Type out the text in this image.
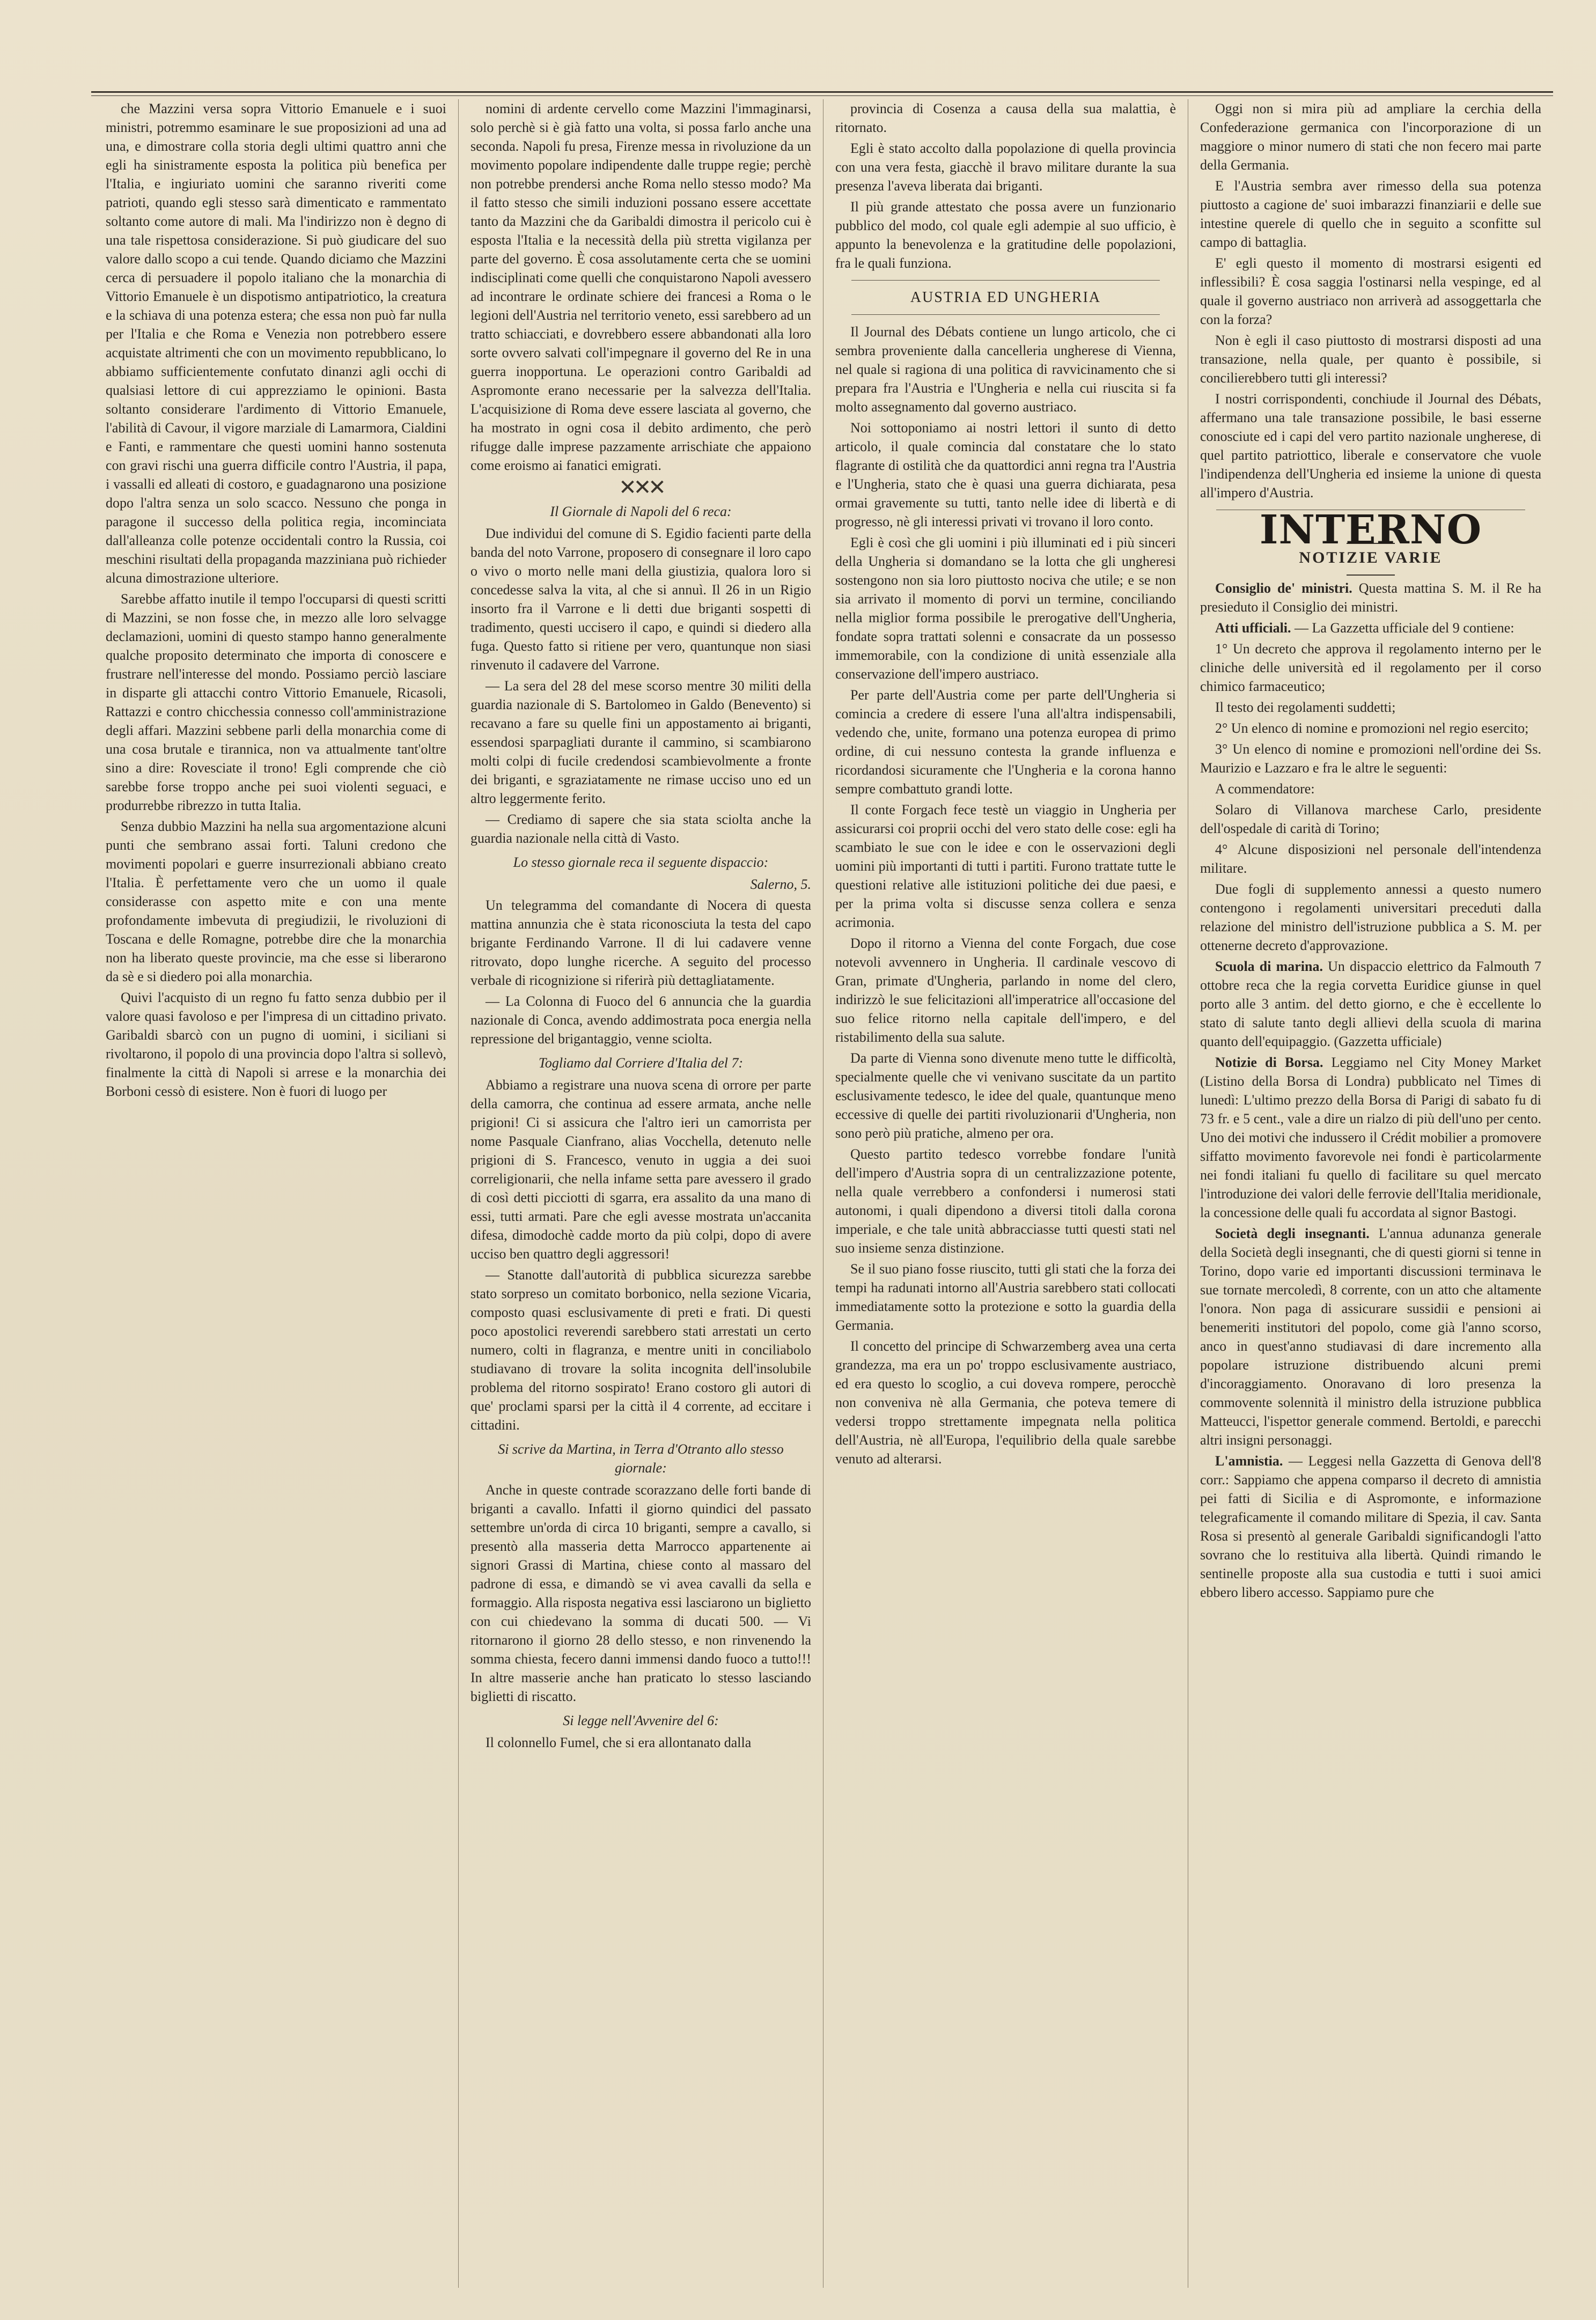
che Mazzini versa sopra Vittorio Emanuele e i suoi ministri, potremmo esaminare le sue proposizioni ad una ad una, e dimostrare colla storia degli ultimi quattro anni che egli ha sinistramente esposta la politica più benefica per l'Italia, e ingiuriato uomini che saranno riveriti come patrioti, quando egli stesso sarà dimenticato e rammentato soltanto come autore di mali. Ma l'indirizzo non è degno di una tale rispettosa considerazione. Si può giudicare del suo valore dallo scopo a cui tende. Quando diciamo che Mazzini cerca di persuadere il popolo italiano che la monarchia di Vittorio Emanuele è un dispotismo antipatriotico, la creatura e la schiava di una potenza estera; che essa non può far nulla per l'Italia e che Roma e Venezia non potrebbero essere acquistate altrimenti che con un movimento repubblicano, lo abbiamo sufficientemente confutato dinanzi agli occhi di qualsiasi lettore di cui apprezziamo le opinioni. Basta soltanto considerare l'ardimento di Vittorio Emanuele, l'abilità di Cavour, il vigore marziale di Lamarmora, Cialdini e Fanti, e rammentare che questi uomini hanno sostenuta con gravi rischi una guerra difficile contro l'Austria, il papa, i vassalli ed alleati di costoro, e guadagnarono una posizione dopo l'altra senza un solo scacco. Nessuno che ponga in paragone il successo della politica regia, incominciata dall'alleanza colle potenze occidentali contro la Russia, coi meschini risultati della propaganda mazziniana può richieder alcuna dimostrazione ulteriore.

Sarebbe affatto inutile il tempo l'occuparsi di questi scritti di Mazzini, se non fosse che, in mezzo alle loro selvagge declamazioni, uomini di questo stampo hanno generalmente qualche proposito determinato che importa di conoscere e frustrare nell'interesse del mondo. Possiamo perciò lasciare in disparte gli attacchi contro Vittorio Emanuele, Ricasoli, Rattazzi e contro chicchessia connesso coll'amministrazione degli affari. Mazzini sebbene parli della monarchia come di una cosa brutale e tirannica, non va attualmente tant'oltre sino a dire: Rovesciate il trono! Egli comprende che ciò sarebbe forse troppo anche pei suoi violenti seguaci, e produrrebbe ribrezzo in tutta Italia.

Senza dubbio Mazzini ha nella sua argomentazione alcuni punti che sembrano assai forti. Taluni credono che movimenti popolari e guerre insurrezionali abbiano creato l'Italia. È perfettamente vero che un uomo il quale considerasse con aspetto mite e con una mente profondamente imbevuta di pregiudizii, le rivoluzioni di Toscana e delle Romagne, potrebbe dire che la monarchia non ha liberato queste provincie, ma che esse si liberarono da sè e si diedero poi alla monarchia.

Quivi l'acquisto di un regno fu fatto senza dubbio per il valore quasi favoloso e per l'impresa di un cittadino privato. Garibaldi sbarcò con un pugno di uomini, i siciliani si rivoltarono, il popolo di una provincia dopo l'altra si sollevò, finalmente la città di Napoli si arrese e la monarchia dei Borboni cessò di esistere. Non è fuori di luogo per

nomini di ardente cervello come Mazzini l'immaginarsi, solo perchè si è già fatto una volta, si possa farlo anche una seconda. Napoli fu presa, Firenze messa in rivoluzione da un movimento popolare indipendente dalle truppe regie; perchè non potrebbe prendersi anche Roma nello stesso modo? Ma il fatto stesso che simili induzioni possano essere accettate tanto da Mazzini che da Garibaldi dimostra il pericolo cui è esposta l'Italia e la necessità della più stretta vigilanza per parte del governo. È cosa assolutamente certa che se uomini indisciplinati come quelli che conquistarono Napoli avessero ad incontrare le ordinate schiere dei francesi a Roma o le legioni dell'Austria nel territorio veneto, essi sarebbero ad un tratto schiacciati, e dovrebbero essere abbandonati alla loro sorte ovvero salvati coll'impegnare il governo del Re in una guerra inopportuna. Le operazioni contro Garibaldi ad Aspromonte erano necessarie per la salvezza dell'Italia. L'acquisizione di Roma deve essere lasciata al governo, che ha mostrato in ogni cosa il debito ardimento, che però rifugge dalle imprese pazzamente arrischiate che appaiono come eroismo ai fanatici emigrati.

✕✕✕

Il Giornale di Napoli del 6 reca:

Due individui del comune di S. Egidio facienti parte della banda del noto Varrone, proposero di consegnare il loro capo o vivo o morto nelle mani della giustizia, qualora loro si concedesse salva la vita, al che si annuì. Il 26 in un Rigio insorto fra il Varrone e li detti due briganti sospetti di tradimento, questi uccisero il capo, e quindi si diedero alla fuga. Questo fatto si ritiene per vero, quantunque non siasi rinvenuto il cadavere del Varrone.

— La sera del 28 del mese scorso mentre 30 militi della guardia nazionale di S. Bartolomeo in Galdo (Benevento) si recavano a fare su quelle fini un appostamento ai briganti, essendosi sparpagliati durante il cammino, si scambiarono molti colpi di fucile credendosi scambievolmente a fronte dei briganti, e sgraziatamente ne rimase ucciso uno ed un altro leggermente ferito.

— Crediamo di sapere che sia stata sciolta anche la guardia nazionale nella città di Vasto.

Lo stesso giornale reca il seguente dispaccio:

Salerno, 5.

Un telegramma del comandante di Nocera di questa mattina annunzia che è stata riconosciuta la testa del capo brigante Ferdinando Varrone. Il di lui cadavere venne ritrovato, dopo lunghe ricerche. A seguito del processo verbale di ricognizione si riferirà più dettagliatamente.

— La Colonna di Fuoco del 6 annuncia che la guardia nazionale di Conca, avendo addimostrata poca energia nella repressione del brigantaggio, venne sciolta.

Togliamo dal Corriere d'Italia del 7:

Abbiamo a registrare una nuova scena di orrore per parte della camorra, che continua ad essere armata, anche nelle prigioni! Ci si assicura che l'altro ieri un camorrista per nome Pasquale Cianfrano, alias Vocchella, detenuto nelle prigioni di S. Francesco, venuto in uggia a dei suoi correligionarii, che nella infame setta pare avessero il grado di così detti picciotti di sgarra, era assalito da una mano di essi, tutti armati. Pare che egli avesse mostrata un'accanita difesa, dimodochè cadde morto da più colpi, dopo di avere ucciso ben quattro degli aggressori!

— Stanotte dall'autorità di pubblica sicurezza sarebbe stato sorpreso un comitato borbonico, nella sezione Vicaria, composto quasi esclusivamente di preti e frati. Di questi poco apostolici reverendi sarebbero stati arrestati un certo numero, colti in flagranza, e mentre uniti in conciliabolo studiavano di trovare la solita incognita dell'insolubile problema del ritorno sospirato! Erano costoro gli autori di que' proclami sparsi per la città il 4 corrente, ad eccitare i cittadini.

Si scrive da Martina, in Terra d'Otranto allo stesso giornale:

Anche in queste contrade scorazzano delle forti bande di briganti a cavallo. Infatti il giorno quindici del passato settembre un'orda di circa 10 briganti, sempre a cavallo, si presentò alla masseria detta Marrocco appartenente ai signori Grassi di Martina, chiese conto al massaro del padrone di essa, e dimandò se vi avea cavalli da sella e formaggio. Alla risposta negativa essi lasciarono un biglietto con cui chiedevano la somma di ducati 500. — Vi ritornarono il giorno 28 dello stesso, e non rinvenendo la somma chiesta, fecero danni immensi dando fuoco a tutto!!! In altre masserie anche han praticato lo stesso lasciando biglietti di riscatto.

Si legge nell'Avvenire del 6:

Il colonnello Fumel, che si era allontanato dalla

provincia di Cosenza a causa della sua malattia, è ritornato.

Egli è stato accolto dalla popolazione di quella provincia con una vera festa, giacchè il bravo militare durante la sua presenza l'aveva liberata dai briganti.

Il più grande attestato che possa avere un funzionario pubblico del modo, col quale egli adempie al suo ufficio, è appunto la benevolenza e la gratitudine delle popolazioni, fra le quali funziona.

AUSTRIA ED UNGHERIA

Il Journal des Débats contiene un lungo articolo, che ci sembra proveniente dalla cancelleria ungherese di Vienna, nel quale si ragiona di una politica di ravvicinamento che si prepara fra l'Austria e l'Ungheria e nella cui riuscita si fa molto assegnamento dal governo austriaco.

Noi sottoponiamo ai nostri lettori il sunto di detto articolo, il quale comincia dal constatare che lo stato flagrante di ostilità che da quattordici anni regna tra l'Austria e l'Ungheria, stato che è quasi una guerra dichiarata, pesa ormai gravemente su tutti, tanto nelle idee di libertà e di progresso, nè gli interessi privati vi trovano il loro conto.

Egli è così che gli uomini i più illuminati ed i più sinceri della Ungheria si domandano se la lotta che gli ungheresi sostengono non sia loro piuttosto nociva che utile; e se non sia arrivato il momento di porvi un termine, conciliando nella miglior forma possibile le prerogative dell'Ungheria, fondate sopra trattati solenni e consacrate da un possesso immemorabile, con la condizione di unità essenziale alla conservazione dell'impero austriaco.

Per parte dell'Austria come per parte dell'Ungheria si comincia a credere di essere l'una all'altra indispensabili, vedendo che, unite, formano una potenza europea di primo ordine, di cui nessuno contesta la grande influenza e ricordandosi sicuramente che l'Ungheria e la corona hanno sempre combattuto grandi lotte.

Il conte Forgach fece testè un viaggio in Ungheria per assicurarsi coi proprii occhi del vero stato delle cose: egli ha scambiato le sue con le idee e con le osservazioni degli uomini più importanti di tutti i partiti. Furono trattate tutte le questioni relative alle istituzioni politiche dei due paesi, e per la prima volta si discusse senza collera e senza acrimonia.

Dopo il ritorno a Vienna del conte Forgach, due cose notevoli avvennero in Ungheria. Il cardinale vescovo di Gran, primate d'Ungheria, parlando in nome del clero, indirizzò le sue felicitazioni all'imperatrice all'occasione del suo felice ritorno nella capitale dell'impero, e del ristabilimento della sua salute.

Da parte di Vienna sono divenute meno tutte le difficoltà, specialmente quelle che vi venivano suscitate da un partito esclusivamente tedesco, le idee del quale, quantunque meno eccessive di quelle dei partiti rivoluzionarii d'Ungheria, non sono però più pratiche, almeno per ora.

Questo partito tedesco vorrebbe fondare l'unità dell'impero d'Austria sopra di un centralizzazione potente, nella quale verrebbero a confondersi i numerosi stati autonomi, i quali dipendono a diversi titoli dalla corona imperiale, e che tale unità abbracciasse tutti questi stati nel suo insieme senza distinzione.

Se il suo piano fosse riuscito, tutti gli stati che la forza dei tempi ha radunati intorno all'Austria sarebbero stati collocati immediatamente sotto la protezione e sotto la guardia della Germania.

Il concetto del principe di Schwarzemberg avea una certa grandezza, ma era un po' troppo esclusivamente austriaco, ed era questo lo scoglio, a cui doveva rompere, perocchè non conveniva nè alla Germania, che poteva temere di vedersi troppo strettamente impegnata nella politica dell'Austria, nè all'Europa, l'equilibrio della quale sarebbe venuto ad alterarsi.

Oggi non si mira più ad ampliare la cerchia della Confederazione germanica con l'incorporazione di un maggiore o minor numero di stati che non fecero mai parte della Germania.

E l'Austria sembra aver rimesso della sua potenza piuttosto a cagione de' suoi imbarazzi finanziarii e delle sue intestine querele di quello che in seguito a sconfitte sul campo di battaglia.

E' egli questo il momento di mostrarsi esigenti ed inflessibili? È cosa saggia l'ostinarsi nella vespinge, ed al quale il governo austriaco non arriverà ad assoggettarla che con la forza?

Non è egli il caso piuttosto di mostrarsi disposti ad una transazione, nella quale, per quanto è possibile, si concilierebbero tutti gli interessi?

I nostri corrispondenti, conchiude il Journal des Débats, affermano una tale transazione possibile, le basi esserne conosciute ed i capi del vero partito nazionale ungherese, di quel partito patriottico, liberale e conservatore che vuole l'indipendenza dell'Ungheria ed insieme la unione di questa all'impero d'Austria.

INTERNO
NOTIZIE VARIE

Consiglio de' ministri. Questa mattina S. M. il Re ha presieduto il Consiglio dei ministri.

Atti ufficiali. — La Gazzetta ufficiale del 9 contiene:

1° Un decreto che approva il regolamento interno per le cliniche delle università ed il regolamento per il corso chimico farmaceutico;

Il testo dei regolamenti suddetti;

2° Un elenco di nomine e promozioni nel regio esercito;

3° Un elenco di nomine e promozioni nell'ordine dei Ss. Maurizio e Lazzaro e fra le altre le seguenti:

A commendatore:

Solaro di Villanova marchese Carlo, presidente dell'ospedale di carità di Torino;

4° Alcune disposizioni nel personale dell'intendenza militare.

Due fogli di supplemento annessi a questo numero contengono i regolamenti universitari preceduti dalla relazione del ministro dell'istruzione pubblica a S. M. per ottenerne decreto d'approvazione.

Scuola di marina. Un dispaccio elettrico da Falmouth 7 ottobre reca che la regia corvetta Euridice giunse in quel porto alle 3 antim. del detto giorno, e che è eccellente lo stato di salute tanto degli allievi della scuola di marina quanto dell'equipaggio. (Gazzetta ufficiale)

Notizie di Borsa. Leggiamo nel City Money Market (Listino della Borsa di Londra) pubblicato nel Times di lunedì: L'ultimo prezzo della Borsa di Parigi di sabato fu di 73 fr. e 5 cent., vale a dire un rialzo di più dell'uno per cento. Uno dei motivi che indussero il Crédit mobilier a promovere siffatto movimento favorevole nei fondi è particolarmente nei fondi italiani fu quello di facilitare su quel mercato l'introduzione dei valori delle ferrovie dell'Italia meridionale, la concessione delle quali fu accordata al signor Bastogi.

Società degli insegnanti. L'annua adunanza generale della Società degli insegnanti, che di questi giorni si tenne in Torino, dopo varie ed importanti discussioni terminava le sue tornate mercoledì, 8 corrente, con un atto che altamente l'onora. Non paga di assicurare sussidii e pensioni ai benemeriti institutori del popolo, come già l'anno scorso, anco in quest'anno studiavasi di dare incremento alla popolare istruzione distribuendo alcuni premi d'incoraggiamento. Onoravano di loro presenza la commovente solennità il ministro della istruzione pubblica Matteucci, l'ispettor generale commend. Bertoldi, e parecchi altri insigni personaggi.

L'amnistia. — Leggesi nella Gazzetta di Genova dell'8 corr.: Sappiamo che appena comparso il decreto di amnistia pei fatti di Sicilia e di Aspromonte, e informazione telegraficamente il comando militare di Spezia, il cav. Santa Rosa si presentò al generale Garibaldi significandogli l'atto sovrano che lo restituiva alla libertà. Quindi rimando le sentinelle proposte alla sua custodia e tutti i suoi amici ebbero libero accesso. Sappiamo pure che
